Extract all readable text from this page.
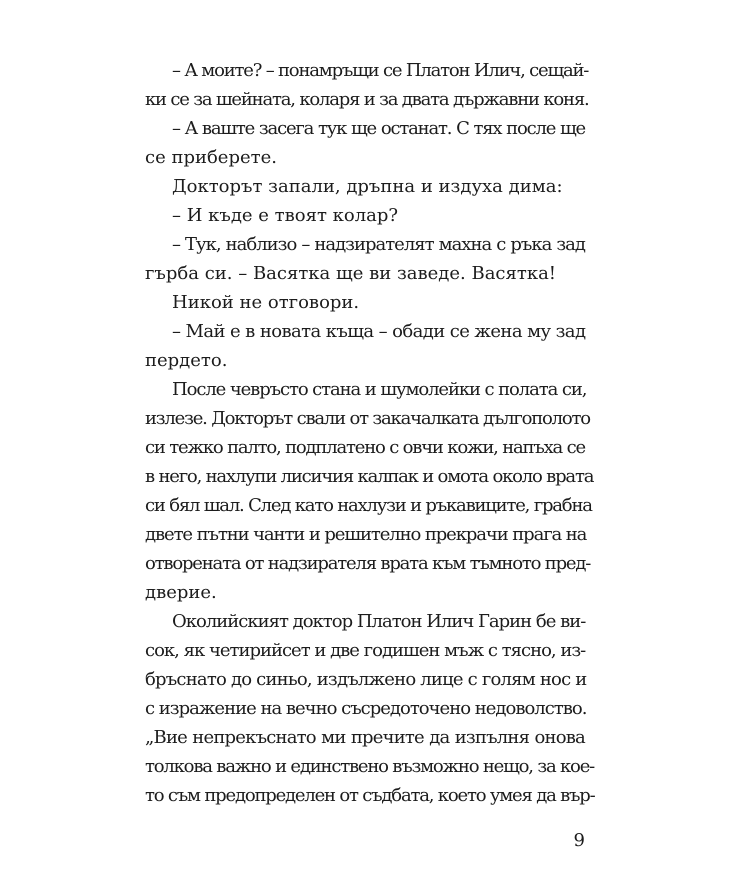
– А моите? – понамръщи се Платон Илич, сещай-
ки се за шейната, коларя и за двата държавни коня.
– А ваште засега тук ще останат. С тях после ще
се приберете.
Докторът запали, дръпна и издуха дима:
– И къде е твоят колар?
– Тук, наблизо – надзирателят махна с ръка зад
гърба си. – Васятка ще ви заведе. Васятка!
Никой не отговори.
– Май е в новата къща – обади се жена му зад
пердето.
После чевръсто стана и шумолейки с полата си,
излезе. Докторът свали от закачалката дългополото
си тежко палто, подплатено с овчи кожи, напъха се
в него, нахлупи лисичия калпак и омота около врата
си бял шал. След като нахлузи и ръкавиците, грабна
двете пътни чанти и решително прекрачи прага на
отворената от надзирателя врата към тъмното пред-
дверие.
Околийският доктор Платон Илич Гарин бе ви-
сок, як четирийсет и две годишен мъж с тясно, из-
бръснато до синьо, издължено лице с голям нос и
с изражение на вечно съсредоточено недоволство.
„Вие непрекъснато ми пречите да изпълня онова
толкова важно и единствено възможно нещо, за кое-
то съм предопределен от съдбата, което умея да вър-
9
